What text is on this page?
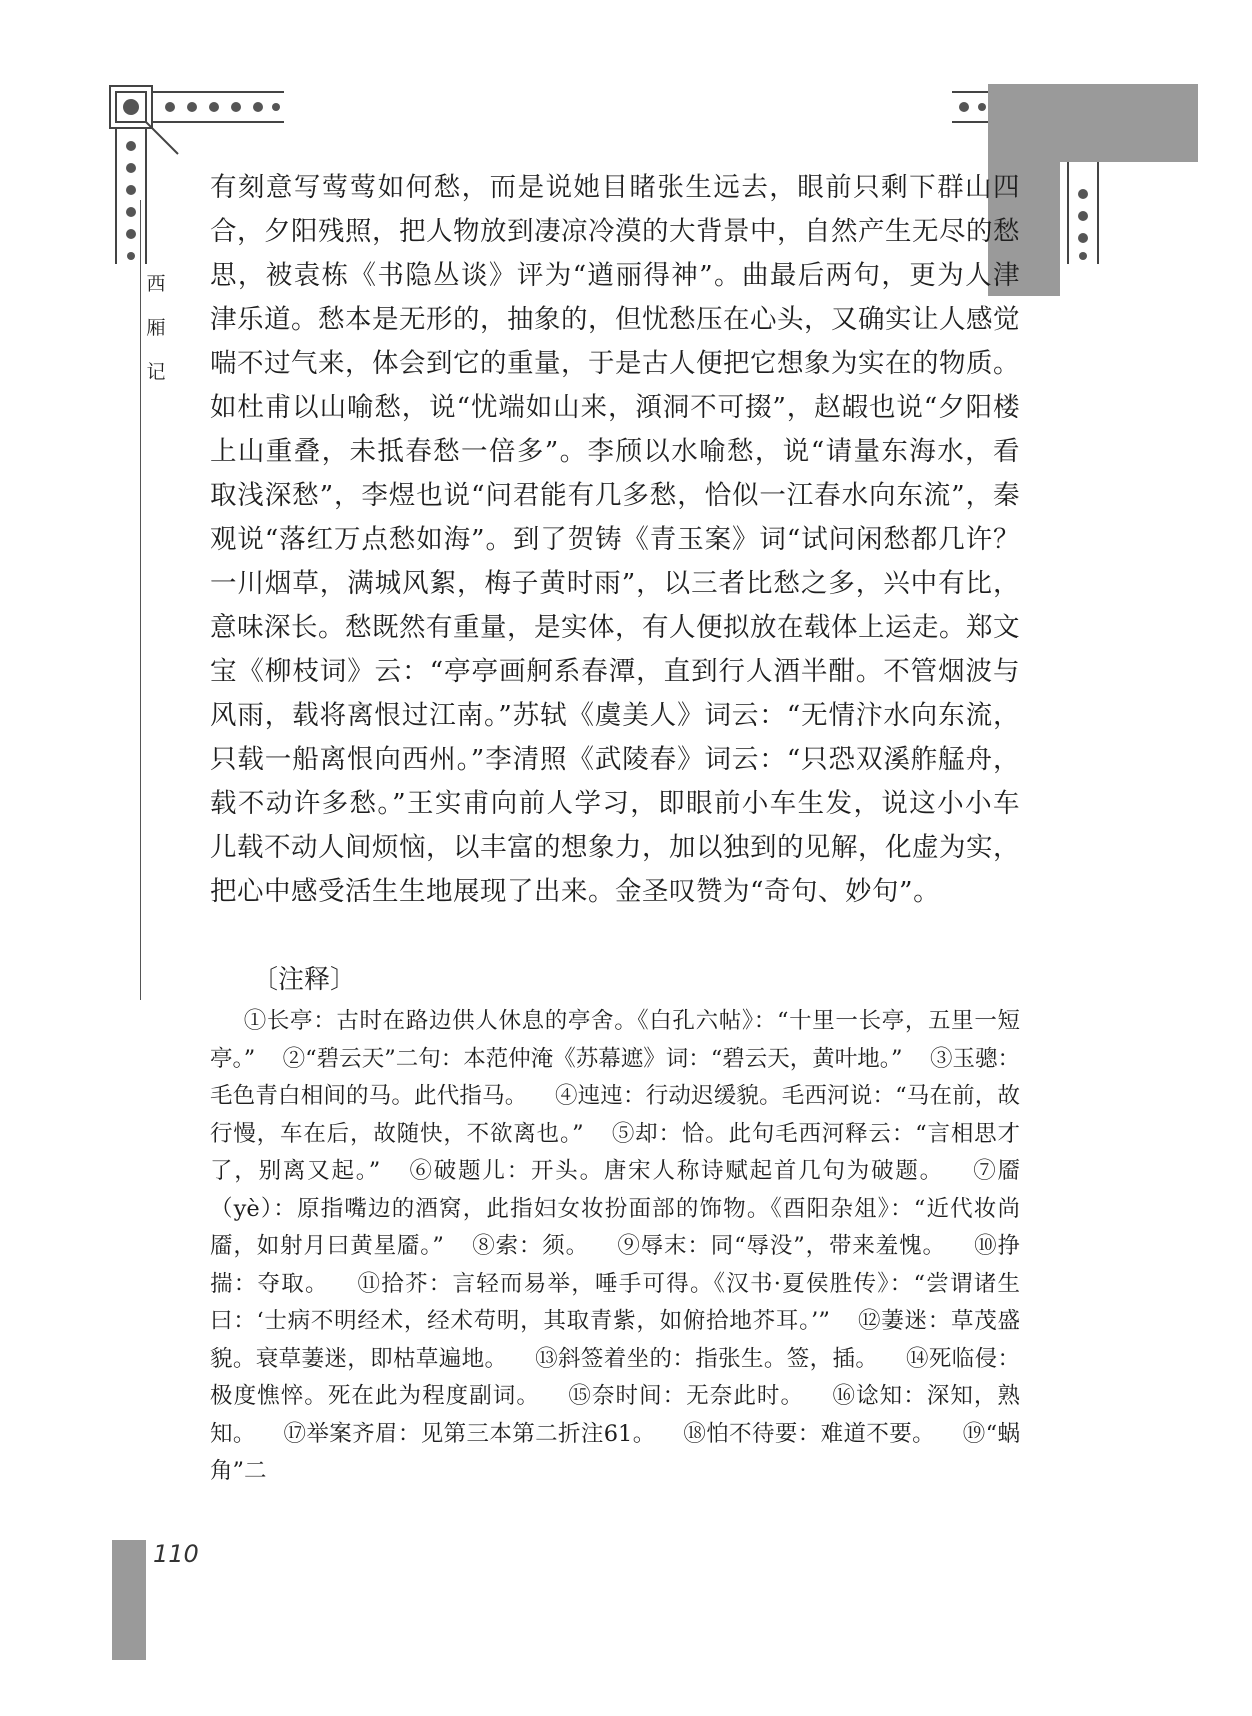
西
厢
记

有刻意写莺莺如何愁，而是说她目睹张生远去，眼前只剩下群山四合，夕阳残照，把人物放到凄凉冷漠的大背景中，自然产生无尽的愁思，被袁栋《书隐丛谈》评为“遒丽得神”。曲最后两句，更为人津津乐道。愁本是无形的，抽象的，但忧愁压在心头，又确实让人感觉喘不过气来，体会到它的重量，于是古人便把它想象为实在的物质。如杜甫以山喻愁，说“忧端如山来，澒洞不可掇”，赵嘏也说“夕阳楼上山重叠，未抵春愁一倍多”。李颀以水喻愁，说“请量东海水，看取浅深愁”，李煜也说“问君能有几多愁，恰似一江春水向东流”，秦观说“落红万点愁如海”。到了贺铸《青玉案》词“试问闲愁都几许？一川烟草，满城风絮，梅子黄时雨”，以三者比愁之多，兴中有比，意味深长。愁既然有重量，是实体，有人便拟放在载体上运走。郑文宝《柳枝词》云：“亭亭画舸系春潭，直到行人酒半酣。不管烟波与风雨，载将离恨过江南。”苏轼《虞美人》词云：“无情汴水向东流，只载一船离恨向西州。”李清照《武陵春》词云：“只恐双溪舴艋舟，载不动许多愁。”王实甫向前人学习，即眼前小车生发，说这小小车儿载不动人间烦恼，以丰富的想象力，加以独到的见解，化虚为实，把心中感受活生生地展现了出来。金圣叹赞为“奇句、妙句”。

〔注释〕
①长亭：古时在路边供人休息的亭舍。《白孔六帖》：“十里一长亭，五里一短亭。” ②“碧云天”二句：本范仲淹《苏幕遮》词：“碧云天，黄叶地。” ③玉骢：毛色青白相间的马。此代指马。 ④迍迍：行动迟缓貌。毛西河说：“马在前，故行慢，车在后，故随快，不欲离也。” ⑤却：恰。此句毛西河释云：“言相思才了，别离又起。” ⑥破题儿：开头。唐宋人称诗赋起首几句为破题。 ⑦靥（yè）：原指嘴边的酒窝，此指妇女妆扮面部的饰物。《酉阳杂俎》：“近代妆尚靥，如射月曰黄星靥。” ⑧索：须。 ⑨辱末：同“辱没”，带来羞愧。 ⑩挣揣：夺取。 ⑪拾芥：言轻而易举，唾手可得。《汉书·夏侯胜传》：“尝谓诸生曰：‘士病不明经术，经术苟明，其取青紫，如俯拾地芥耳。’” ⑫萋迷：草茂盛貌。衰草萋迷，即枯草遍地。 ⑬斜签着坐的：指张生。签，插。 ⑭死临侵：极度憔悴。死在此为程度副词。 ⑮奈时间：无奈此时。 ⑯谂知：深知，熟知。 ⑰举案齐眉：见第三本第二折注61。 ⑱怕不待要：难道不要。 ⑲“蜗角”二
110
